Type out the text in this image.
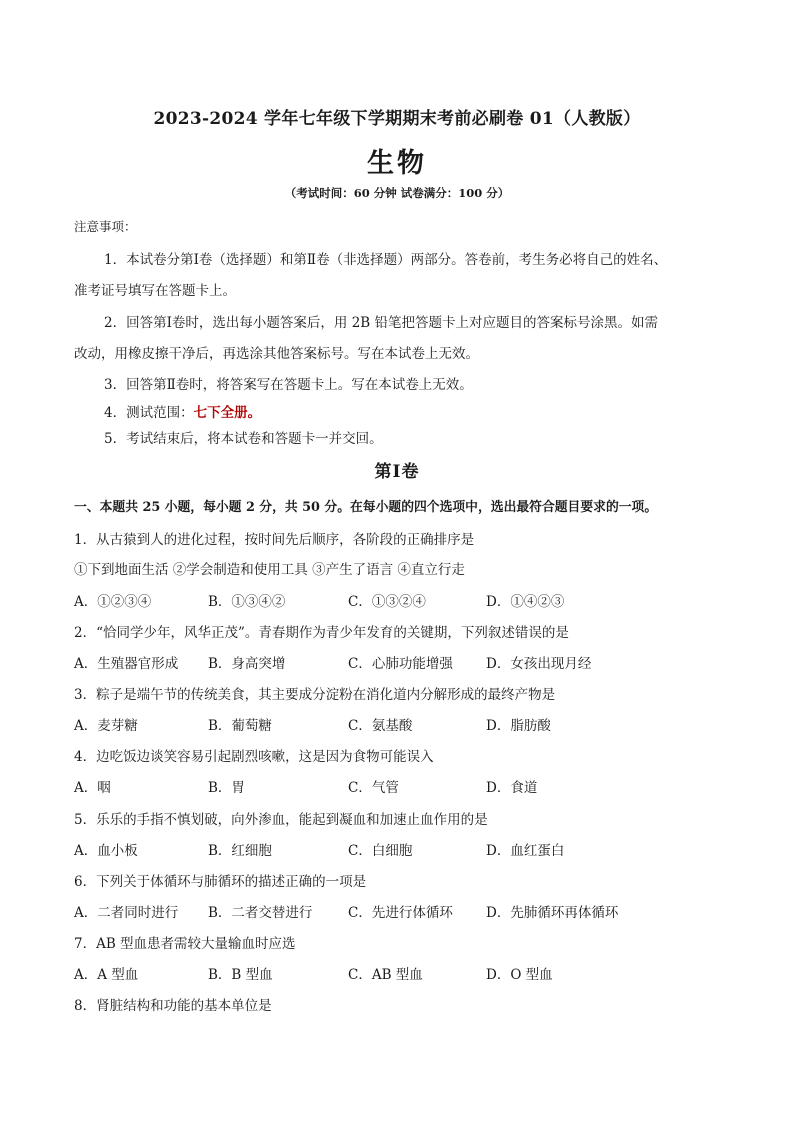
2023-2024 学年七年级下学期期末考前必刷卷 01（人教版）
生物
（考试时间：60 分钟 试卷满分：100 分）
注意事项：
1．本试卷分第Ⅰ卷（选择题）和第Ⅱ卷（非选择题）两部分。答卷前，考生务必将自己的姓名、
准考证号填写在答题卡上。
2．回答第Ⅰ卷时，选出每小题答案后，用 2B 铅笔把答题卡上对应题目的答案标号涂黑。如需
改动，用橡皮擦干净后，再选涂其他答案标号。写在本试卷上无效。
3．回答第Ⅱ卷时，将答案写在答题卡上。写在本试卷上无效。
4．测试范围：七下全册。
5．考试结束后，将本试卷和答题卡一并交回。
第Ⅰ卷
一、本题共 25 小题，每小题 2 分，共 50 分。在每小题的四个选项中，选出最符合题目要求的一项。
1．从古猿到人的进化过程，按时间先后顺序，各阶段的正确排序是
①下到地面生活 ②学会制造和使用工具 ③产生了语言 ④直立行走
A．①②③④	B．①③④②	C．①③②④	D．①④②③
2．“恰同学少年，风华正茂”。青春期作为青少年发育的关键期，下列叙述错误的是
A．生殖器官形成 B．身高突增	C．心肺功能增强 D．女孩出现月经
3．粽子是端午节的传统美食，其主要成分淀粉在消化道内分解形成的最终产物是
A．麦芽糖	B．葡萄糖	C．氨基酸	D．脂肪酸
4．边吃饭边谈笑容易引起剧烈咳嗽，这是因为食物可能误入
A．咽	B．胃	C．气管	D．食道
5．乐乐的手指不慎划破，向外渗血，能起到凝血和加速止血作用的是
A．血小板	B．红细胞	C．白细胞	D．血红蛋白
6．下列关于体循环与肺循环的描述正确的一项是
A．二者同时进行 B．二者交替进行	C．先进行体循环 D．先肺循环再体循环
7．AB 型血患者需较大量输血时应选
A．A 型血	B．B 型血	C．AB 型血	D．O 型血
8．肾脏结构和功能的基本单位是
